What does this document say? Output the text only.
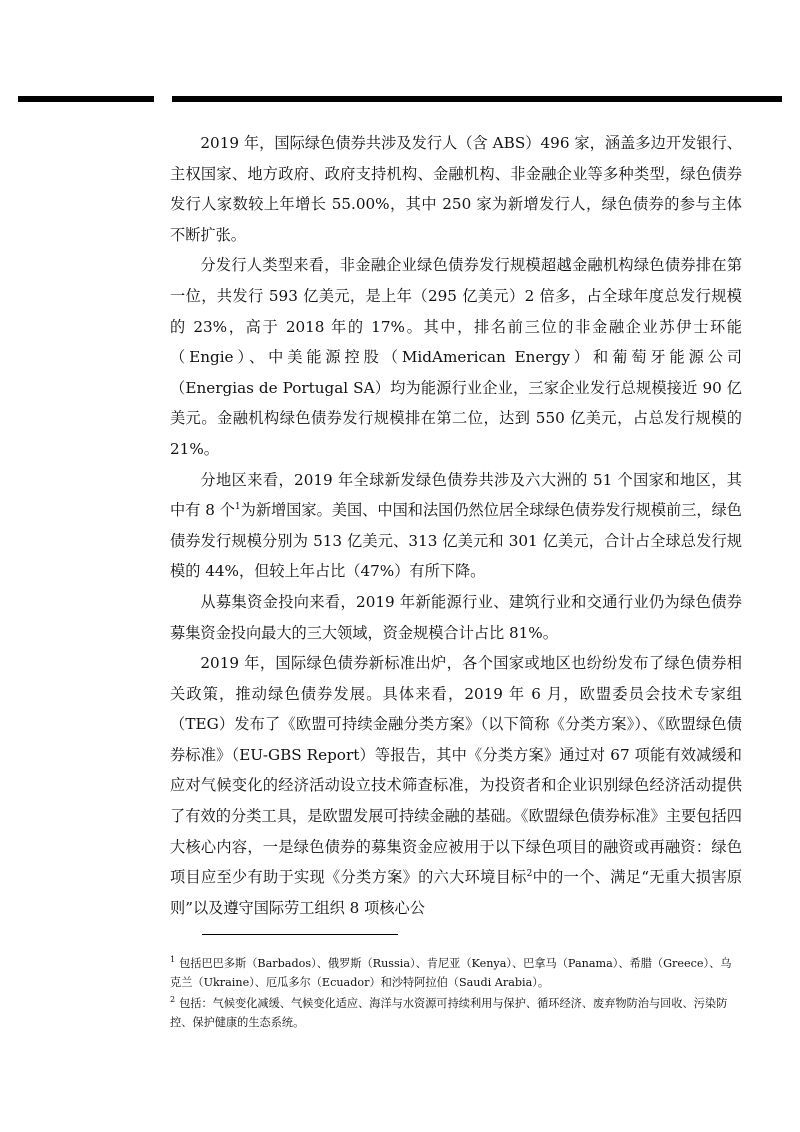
2019 年，国际绿色债券共涉及发行人（含 ABS）496 家，涵盖多边开发银行、主权国家、地方政府、政府支持机构、金融机构、非金融企业等多种类型，绿色债券发行人家数较上年增长 55.00%，其中 250 家为新增发行人，绿色债券的参与主体不断扩张。

分发行人类型来看，非金融企业绿色债券发行规模超越金融机构绿色债券排在第一位，共发行 593 亿美元，是上年（295 亿美元）2 倍多，占全球年度总发行规模的 23%，高于 2018 年的 17%。其中，排名前三位的非金融企业苏伊士环能（Engie）、中美能源控股（MidAmerican Energy）和葡萄牙能源公司（Energias de Portugal SA）均为能源行业企业，三家企业发行总规模接近 90 亿美元。金融机构绿色债券发行规模排在第二位，达到 550 亿美元，占总发行规模的 21%。

分地区来看，2019 年全球新发绿色债券共涉及六大洲的 51 个国家和地区，其中有 8 个$^1$为新增国家。美国、中国和法国仍然位居全球绿色债券发行规模前三，绿色债券发行规模分别为 513 亿美元、313 亿美元和 301 亿美元，合计占全球总发行规模的 44%，但较上年占比（47%）有所下降。

从募集资金投向来看，2019 年新能源行业、建筑行业和交通行业仍为绿色债券募集资金投向最大的三大领域，资金规模合计占比 81%。

2019 年，国际绿色债券新标准出炉，各个国家或地区也纷纷发布了绿色债券相关政策，推动绿色债券发展。具体来看，2019 年 6 月，欧盟委员会技术专家组（TEG）发布了《欧盟可持续金融分类方案》（以下简称《分类方案》）、《欧盟绿色债券标准》（EU-GBS Report）等报告，其中《分类方案》通过对 67 项能有效减缓和应对气候变化的经济活动设立技术筛查标准，为投资者和企业识别绿色经济活动提供了有效的分类工具，是欧盟发展可持续金融的基础。《欧盟绿色债券标准》主要包括四大核心内容，一是绿色债券的募集资金应被用于以下绿色项目的融资或再融资：绿色项目应至少有助于实现《分类方案》的六大环境目标$^2$中的一个、满足“无重大损害原则”以及遵守国际劳工组织 8 项核心公

$^1$ 包括巴巴多斯（Barbados）、俄罗斯（Russia）、肯尼亚（Kenya）、巴拿马（Panama）、希腊（Greece）、乌克兰（Ukraine）、厄瓜多尔（Ecuador）和沙特阿拉伯（Saudi Arabia）。

$^2$ 包括：气候变化减缓、气候变化适应、海洋与水资源可持续利用与保护、循环经济、废弃物防治与回收、污染防控、保护健康的生态系统。
